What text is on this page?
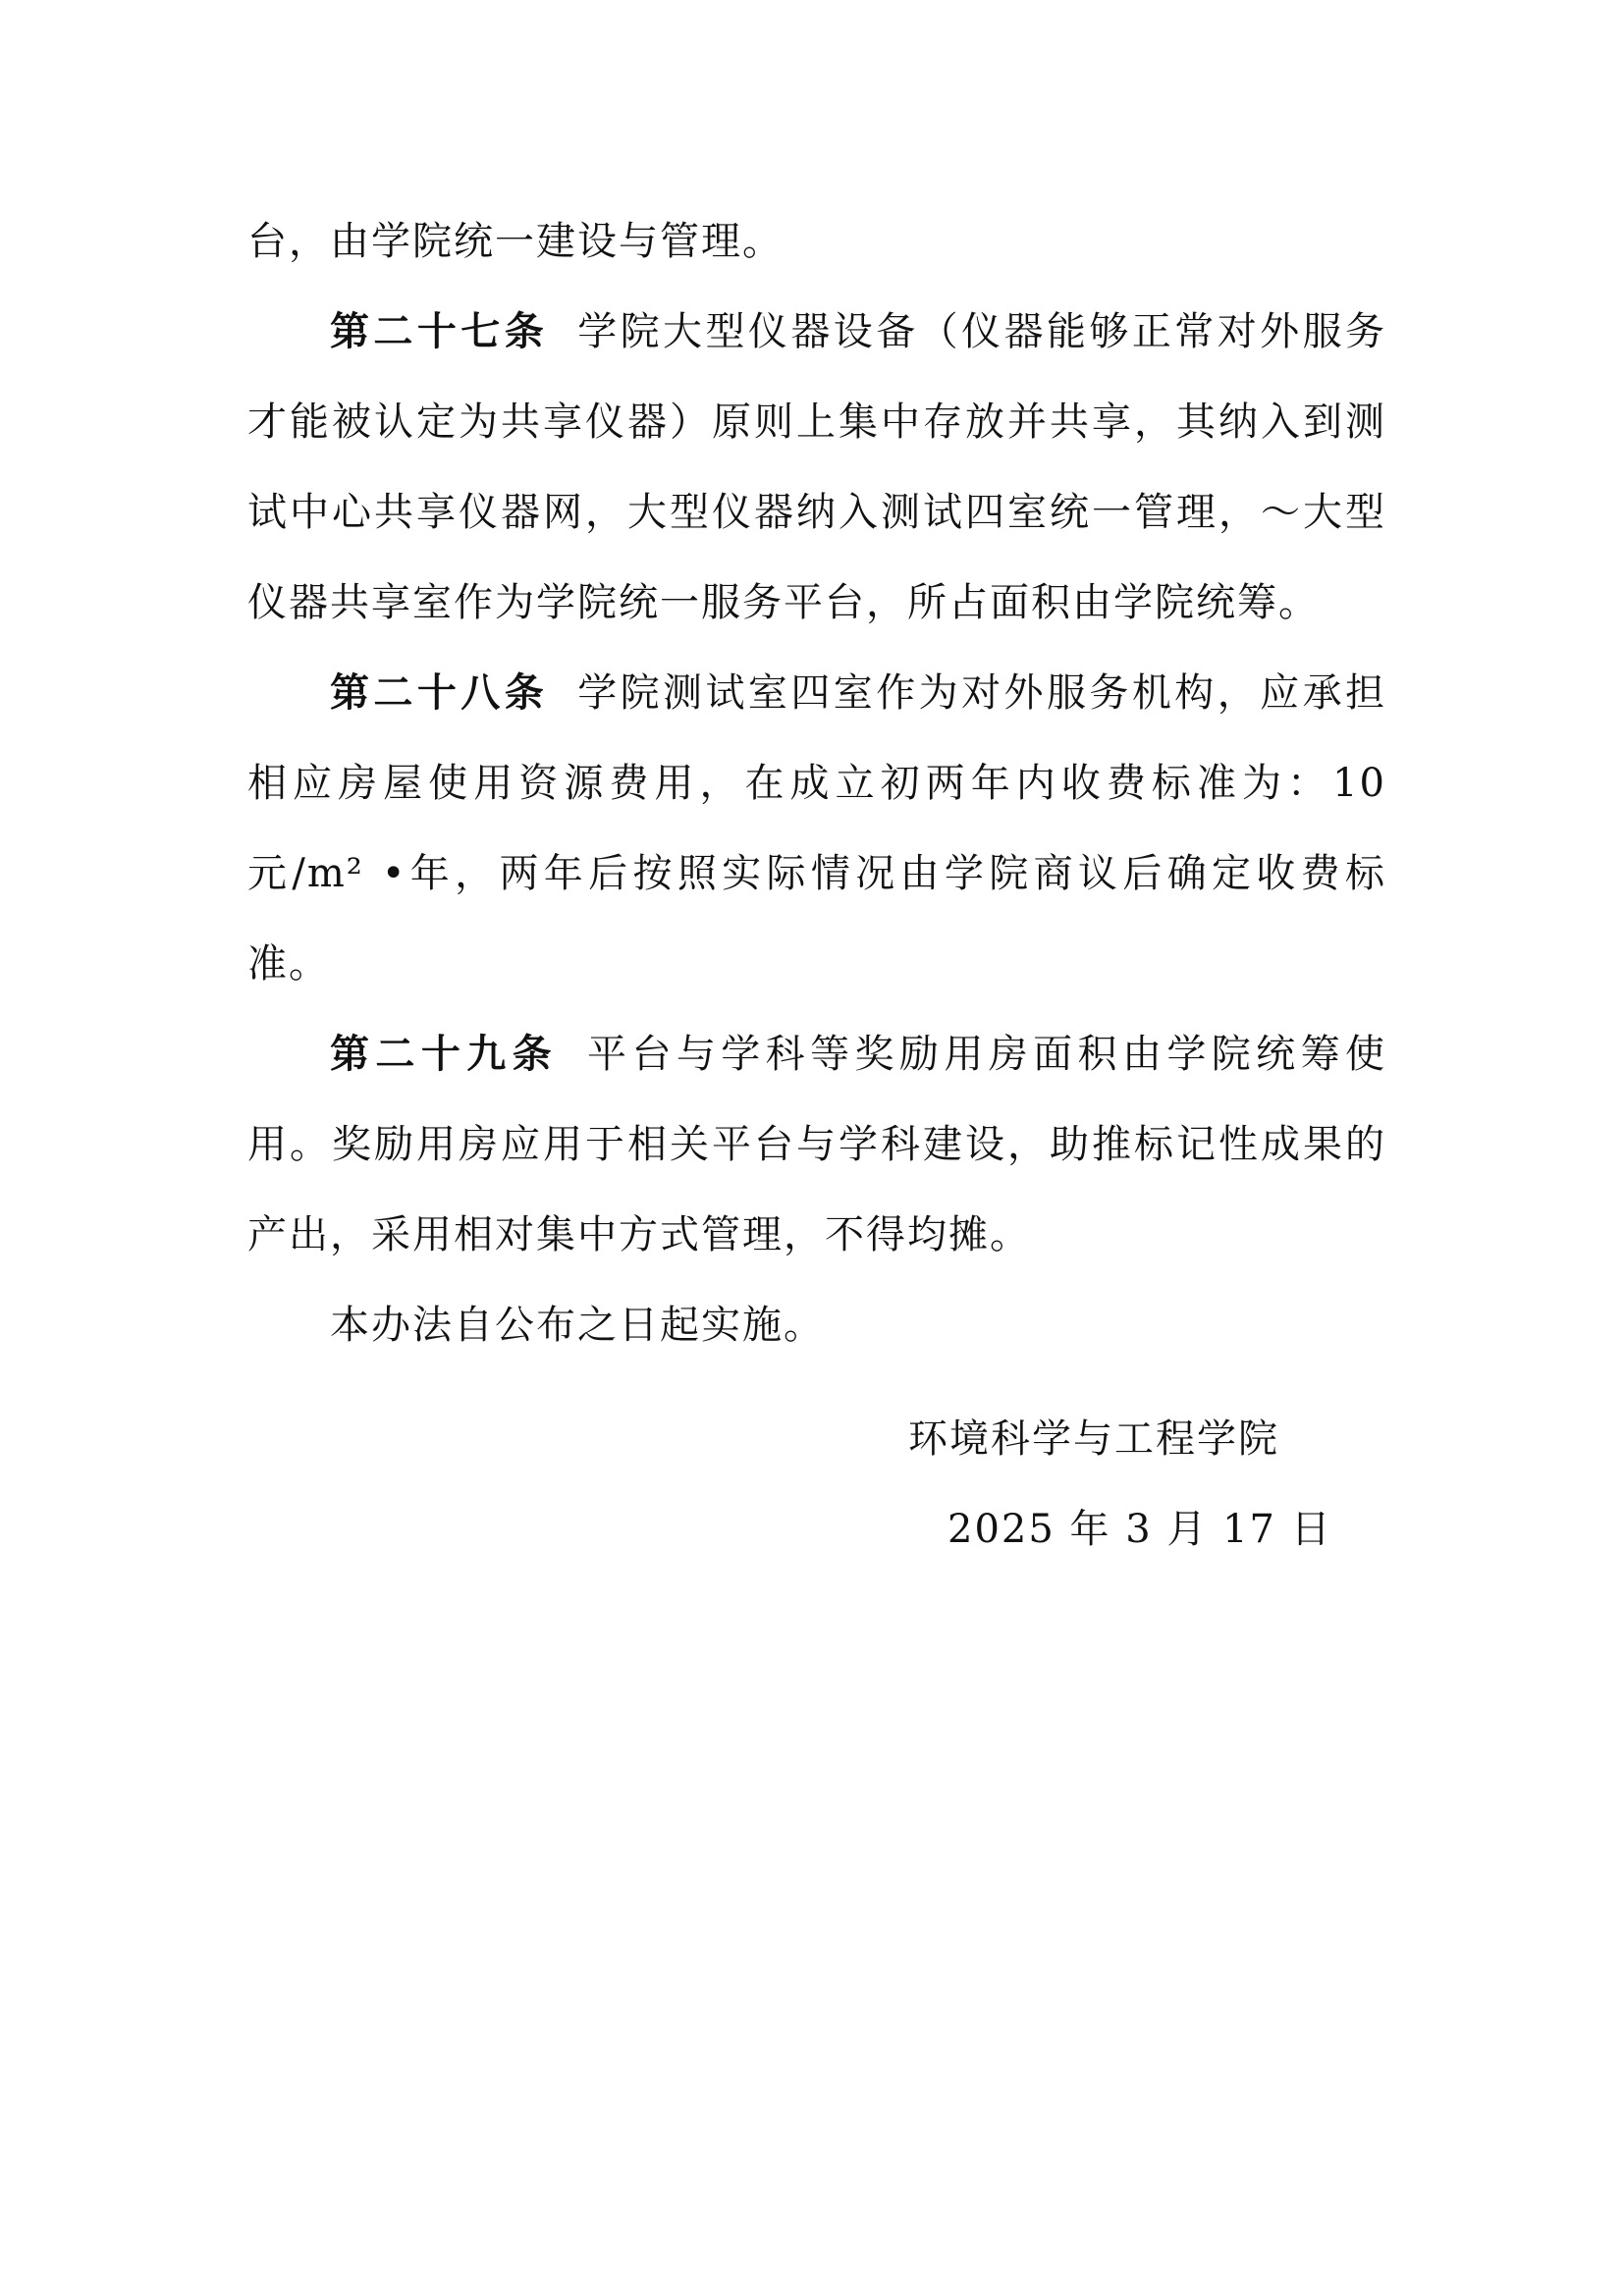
台，由学院统一建设与管理。

第二十七条 学院大型仪器设备（仪器能够正常对外服务才能被认定为共享仪器）原则上集中存放并共享，其纳入到测试中心共享仪器网，大型仪器纳入测试四室统一管理，～大型仪器共享室作为学院统一服务平台，所占面积由学院统筹。

第二十八条 学院测试室四室作为对外服务机构，应承担相应房屋使用资源费用，在成立初两年内收费标准为：10元/m² •年，两年后按照实际情况由学院商议后确定收费标准。

第二十九条 平台与学科等奖励用房面积由学院统筹使用。奖励用房应用于相关平台与学科建设，助推标记性成果的产出，采用相对集中方式管理，不得均摊。

本办法自公布之日起实施。

环境科学与工程学院
2025 年 3 月 17 日
